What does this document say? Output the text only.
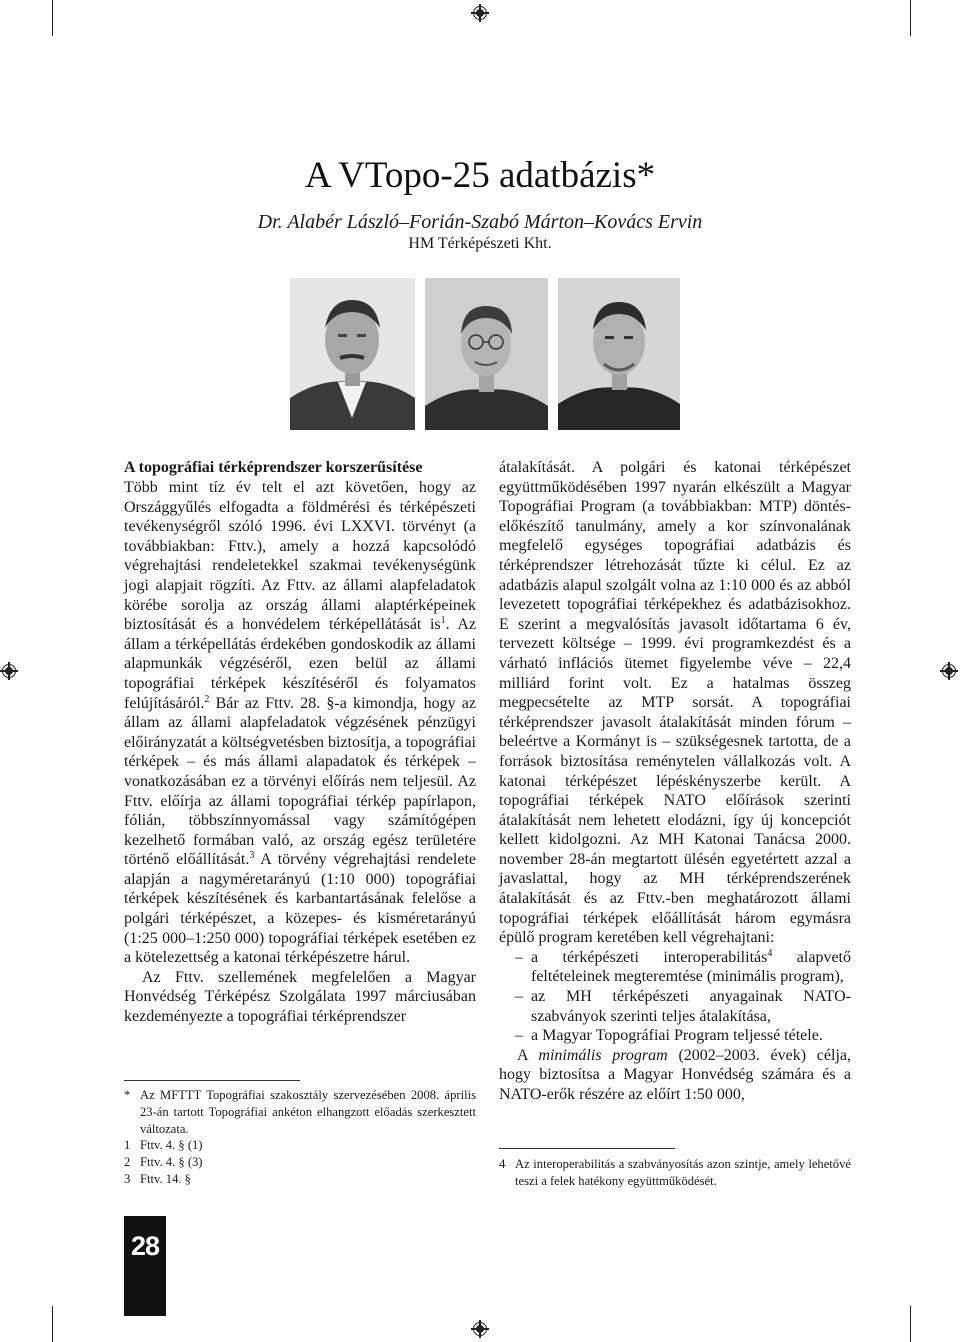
A VTopo-25 adatbázis*
Dr. Alabér László–Forián-Szabó Márton–Kovács Ervin
HM Térképészeti Kht.

A topográfiai térképrendszer korszerűsítése

Több mint tíz év telt el azt követően, hogy az Országgyűlés elfogadta a földmérési és térképészeti tevékenységről szóló 1996. évi LXXVI. törvényt (a továbbiakban: Fttv.), amely a hozzá kapcsolódó végrehajtási rendeletekkel szakmai tevékenységünk jogi alapjait rögzíti. Az Fttv. az állami alapfeladatok körébe sorolja az ország állami alaptérképeinek biztosítását és a honvédelem térképellátását $is^1$. Az állam a térképellátás érdekében gondoskodik az állami alapmunkák végzéséről, ezen belül az állami topográfiai térképek készítéséről és folyamatos felújításáról.$^2$ Bár az Fttv. 28. §-a kimondja, hogy az állam az állami alapfeladatok végzésének pénzügyi előirányzatát a költségvetésben biztosítja, a topográfiai térképek – és más állami alapadatok és térképek – vonatkozásában ez a törvényi előírás nem teljesül. Az Fttv. előírja az állami topográfiai térkép papírlapon, fólián, többszínnyomással vagy számítógépen kezelhető formában való, az ország egész területére történő előállítását.$^3$ A törvény végrehajtási rendelete alapján a nagyméretarányú (1:10 000) topográfiai térképek készítésének és karbantartásának felelőse a polgári térképészet, a közepes- és kisméretarányú (1:25 000–1:250 000) topográfiai térképek esetében ez a kötelezettség a katonai térképészetre hárul.

Az Fttv. szellemének megfelelően a Magyar Honvédség Térképész Szolgálata 1997 márciusában kezdeményezte a topográfiai térképrendszer

* Az MFTTT Topográfiai szakosztály szervezésében 2008. április 23-án tartott Topográfiai ankéton elhangzott előadás szerkesztett változata.
1 Fttv. 4. § (1)
2 Fttv. 4. § (3)
3 Fttv. 14. §

átalakítását. A polgári és katonai térképészet együttműködésében 1997 nyarán elkészült a Magyar Topográfiai Program (a továbbiakban: MTP) döntés-előkészítő tanulmány, amely a kor színvonalának megfelelő egységes topográfiai adatbázis és térképrendszer létrehozását tűzte ki célul. Ez az adatbázis alapul szolgált volna az 1:10 000 és az abból levezetett topográfiai térképekhez és adatbázisokhoz. E szerint a megvalósítás javasolt időtartama 6 év, tervezett költsége – 1999. évi programkezdést és a várható inflációs ütemet figyelembe véve – 22,4 milliárd forint volt. Ez a hatalmas összeg megpecsételte az MTP sorsát. A topográfiai térképrendszer javasolt átalakítását minden fórum – beleértve a Kormányt is – szükségesnek tartotta, de a források biztosítása reménytelen vállalkozás volt. A katonai térképészet lépéskényszerbe került. A topográfiai térképek NATO előírások szerinti átalakítását nem lehetett elodázni, így új koncepciót kellett kidolgozni. Az MH Katonai Tanácsa 2000. november 28-án megtartott ülésén egyetértett azzal a javaslattal, hogy az MH térképrendszerének átalakítását és az Fttv.-ben meghatározott állami topográfiai térképek előállítását három egymásra épülő program keretében kell végrehajtani:

– a térképészeti interoperabilitás$^4$ alapvető feltételeinek megteremtése (minimális program),
– az MH térképészeti anyagainak NATO-szabványok szerinti teljes átalakítása,
– a Magyar Topográfiai Program teljessé tétele.

A minimális program (2002–2003. évek) célja, hogy biztosítsa a Magyar Honvédség számára és a NATO-erők részére az előírt 1:50 000,

4 Az interoperabilitás a szabványosítás azon szintje, amely lehetővé teszi a felek hatékony együttműködését.
28
